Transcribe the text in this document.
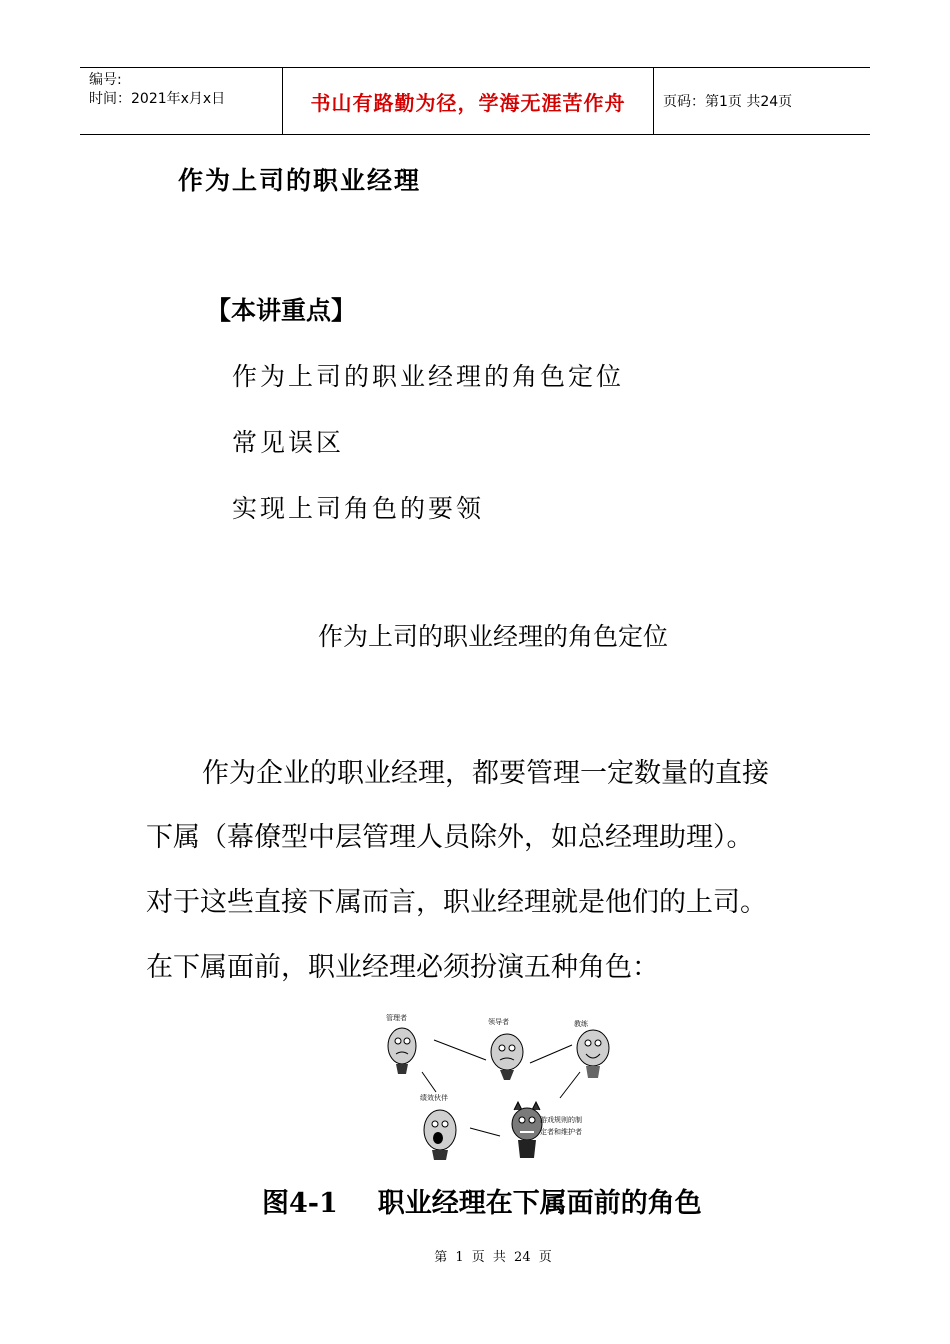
编号:
时间：2021年x月x日	书山有路勤为径，学海无涯苦作舟	页码：第1页 共24页
作为上司的职业经理
【本讲重点】
作为上司的职业经理的角色定位
常见误区
实现上司角色的要领
作为上司的职业经理的角色定位
作为企业的职业经理，都要管理一定数量的直接
下属（幕僚型中层管理人员除外，如总经理助理）。
对于这些直接下属而言，职业经理就是他们的上司。
在下属面前，职业经理必须扮演五种角色：
管理者	领导者	教练
绩效伙伴
游戏规则的制
定者和维护者
图4-1 职业经理在下属面前的角色
第 1 页 共 24 页
